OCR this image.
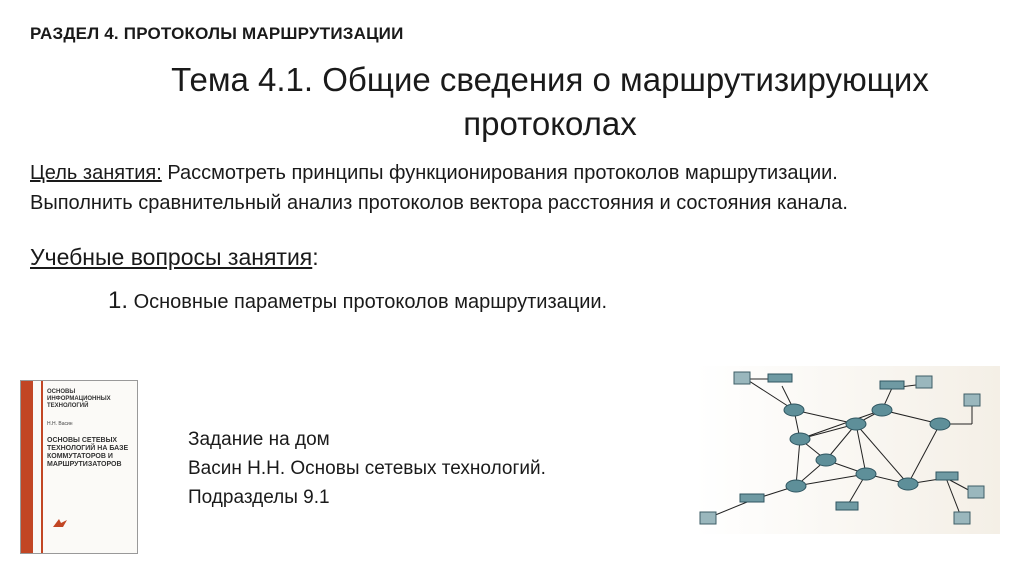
РАЗДЕЛ 4. ПРОТОКОЛЫ МАРШРУТИЗАЦИИ
Тема 4.1. Общие сведения о маршрутизирующих
протоколах
Цель занятия: Рассмотреть принципы функционирования протоколов маршрутизации.
Выполнить сравнительный анализ протоколов вектора расстояния и состояния канала.
Учебные вопросы занятия:
1. Основные параметры протоколов маршрутизации.
ОСНОВЫ ИНФОРМАЦИОННЫХ ТЕХНОЛОГИЙ
Н.Н. Васин
ОСНОВЫ СЕТЕВЫХ ТЕХНОЛОГИЙ НА БАЗЕ КОММУТАТОРОВ И МАРШРУТИЗАТОРОВ
Задание на дом
Васин Н.Н. Основы сетевых технологий.
Подразделы 9.1
